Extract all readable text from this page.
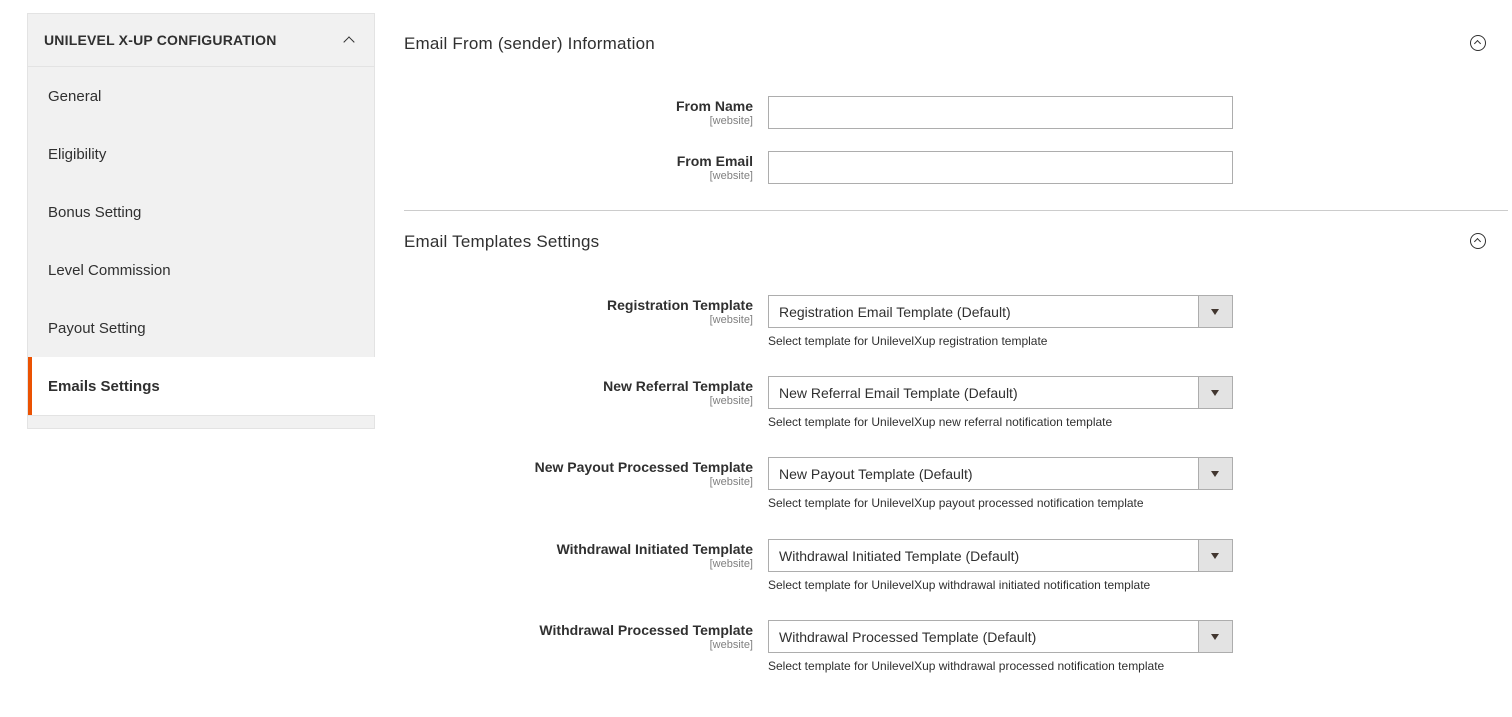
UNILEVEL X-UP CONFIGURATION
General
Eligibility
Bonus Setting
Level Commission
Payout Setting
Emails Settings
Email From (sender) Information
From Name
[website]
From Email
[website]
Email Templates Settings
Registration Template
[website]
Registration Email Template (Default)
Select template for UnilevelXup registration template
New Referral Template
[website]
New Referral Email Template (Default)
Select template for UnilevelXup new referral notification template
New Payout Processed Template
[website]
New Payout Template (Default)
Select template for UnilevelXup payout processed notification template
Withdrawal Initiated Template
[website]
Withdrawal Initiated Template (Default)
Select template for UnilevelXup withdrawal initiated notification template
Withdrawal Processed Template
[website]
Withdrawal Processed Template (Default)
Select template for UnilevelXup withdrawal processed notification template
